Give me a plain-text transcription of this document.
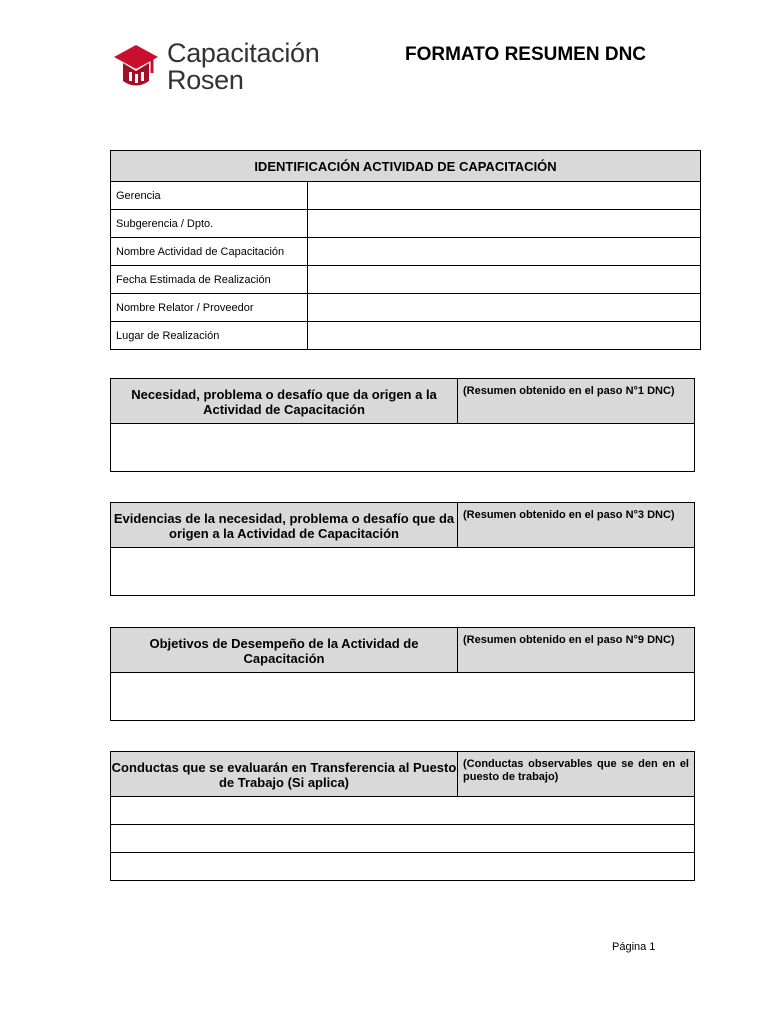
Capacitación
Rosen
FORMATO RESUMEN DNC
IDENTIFICACIÓN ACTIVIDAD DE CAPACITACIÓN	
Gerencia	
Subgerencia / Dpto.	
Nombre Actividad de Capacitación	
Fecha Estimada de Realización	
Nombre Relator / Proveedor	
Lugar de Realización	
Necesidad, problema o desafío que da origen a la Actividad de Capacitación	(Resumen obtenido en el paso N°1 DNC)

Evidencias de la necesidad, problema o desafío que da origen a la Actividad de Capacitación	(Resumen obtenido en el paso N°3 DNC)

Objetivos de Desempeño de la Actividad de Capacitación	(Resumen obtenido en el paso N°9 DNC)

Conductas que se evaluarán en Transferencia al Puesto de Trabajo (Si aplica)	(Conductas observables que se den en el puesto de trabajo)

Página 1
